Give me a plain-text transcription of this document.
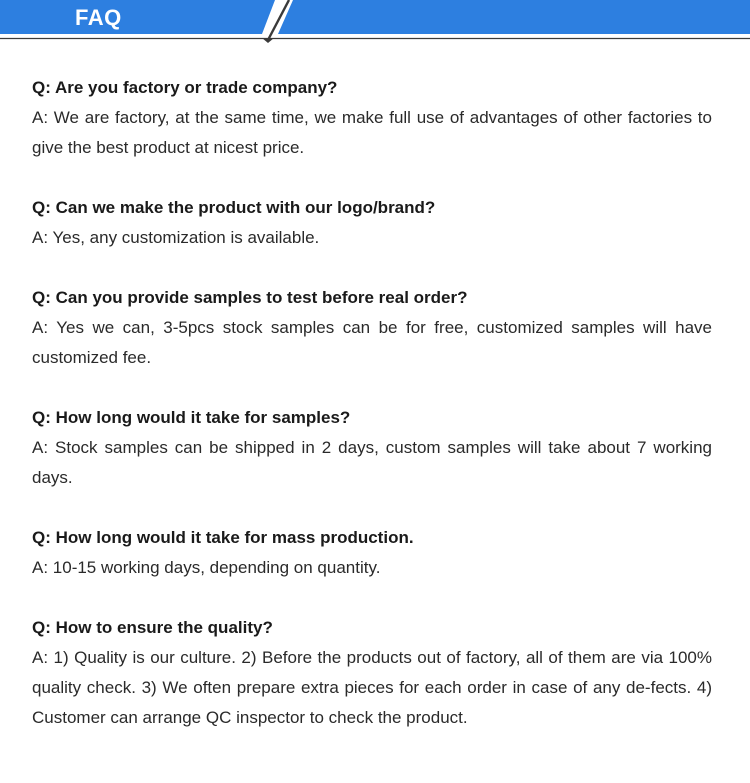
FAQ
Q: Are you factory or trade company?
A: We are factory, at the same time, we make full use of advantages of other factories to give the best product at nicest price.
Q: Can we make the product with our logo/brand?
A: Yes, any customization is available.
Q: Can you provide samples to test before real order?
A: Yes we can, 3-5pcs stock samples can be for free, customized samples will have customized fee.
Q: How long would it take for samples?
A: Stock samples can be shipped in 2 days, custom samples will take about 7 working days.
Q: How long would it take for mass production.
A: 10-15 working days, depending on quantity.
Q: How to ensure the quality?
A: 1) Quality is our culture. 2) Before the products out of factory, all of them are via 100% quality check. 3) We often prepare extra pieces for each order in case of any de-fects. 4) Customer can arrange QC inspector to check the product.
